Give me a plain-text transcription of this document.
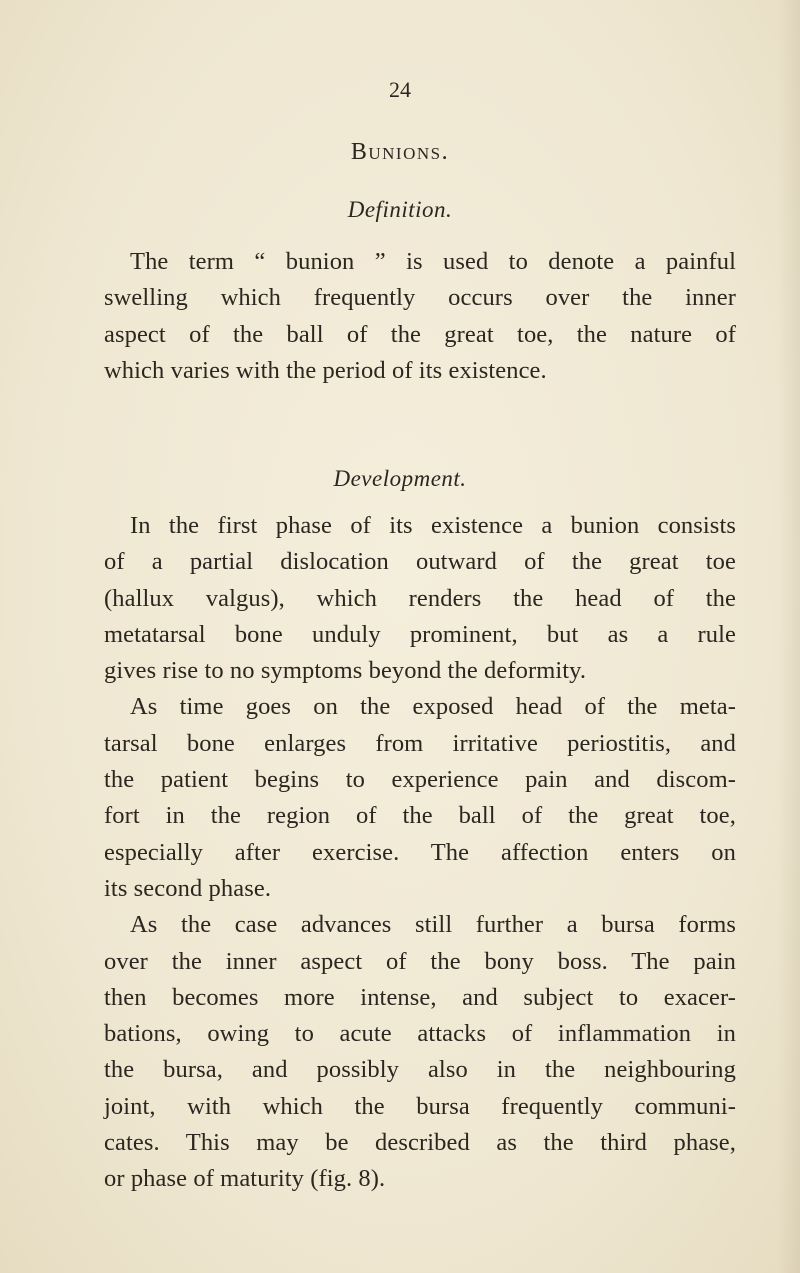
24
Bunions.
Definition.
The term “ bunion ” is used to denote a painful
swelling which frequently occurs over the inner
aspect of the ball of the great toe, the nature of
which varies with the period of its existence.
Development.
In the first phase of its existence a bunion consists
of a partial dislocation outward of the great toe
(hallux valgus), which renders the head of the
metatarsal bone unduly prominent, but as a rule
gives rise to no symptoms beyond the deformity.
As time goes on the exposed head of the meta-
tarsal bone enlarges from irritative periostitis, and
the patient begins to experience pain and discom-
fort in the region of the ball of the great toe,
especially after exercise. The affection enters on
its second phase.
As the case advances still further a bursa forms
over the inner aspect of the bony boss. The pain
then becomes more intense, and subject to exacer-
bations, owing to acute attacks of inflammation in
the bursa, and possibly also in the neighbouring
joint, with which the bursa frequently communi-
cates. This may be described as the third phase,
or phase of maturity (fig. 8).
